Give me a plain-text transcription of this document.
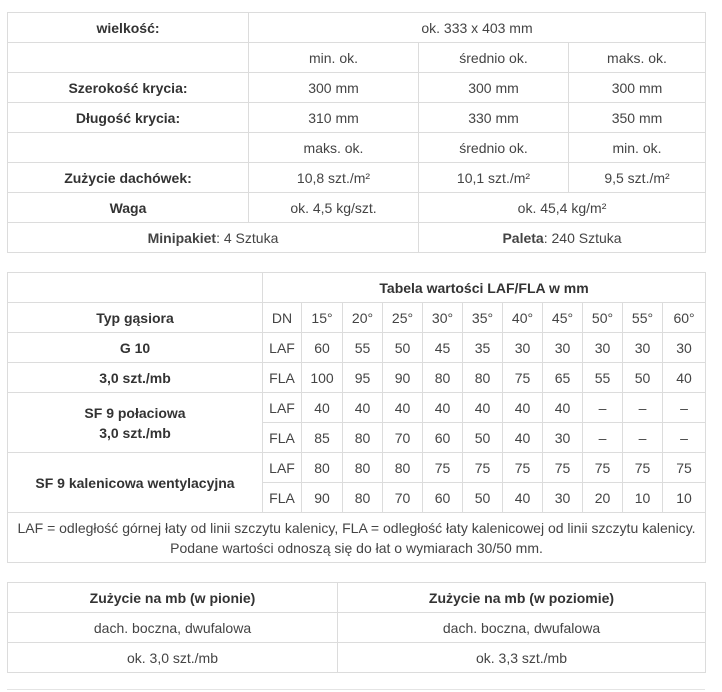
wielkość:	ok. 333 x 403 mm		
	min. ok.	średnio ok.	maks. ok.
Szerokość krycia:	300 mm	300 mm	300 mm
Długość krycia:	310 mm	330 mm	350 mm
	maks. ok.	średnio ok.	min. ok.
Zużycie dachówek:	10,8 szt./m²	10,1 szt./m²	9,5 szt./m²
Waga	ok. 4,5 kg/szt.	ok. 45,4 kg/m²	
Minipakiet: 4 Sztuka		Paleta: 240 Sztuka	
	Tabela wartości LAF/FLA w mm										
Typ gąsiora	DN	15°	20°	25°	30°	35°	40°	45°	50°	55°	60°
G 10	LAF	60	55	50	45	35	30	30	30	30	30
3,0 szt./mb	FLA	100	95	90	80	80	75	65	55	50	40
SF 9 połaciowa
3,0 szt./mb	LAF	40	40	40	40	40	40	40	–	–	–
	FLA	85	80	70	60	50	40	30	–	–	–
SF 9 kalenicowa wentylacyjna	LAF	80	80	80	75	75	75	75	75	75	75
	FLA	90	80	70	60	50	40	30	20	10	10
LAF = odległość górnej łaty od linii szczytu kalenicy, FLA = odległość łaty kalenicowej od linii szczytu kalenicy. Podane wartości odnoszą się do łat o wymiarach 30/50 mm.											
Zużycie na mb (w pionie)	Zużycie na mb (w poziomie)
dach. boczna, dwufalowa	dach. boczna, dwufalowa
ok. 3,0 szt./mb	ok. 3,3 szt./mb
